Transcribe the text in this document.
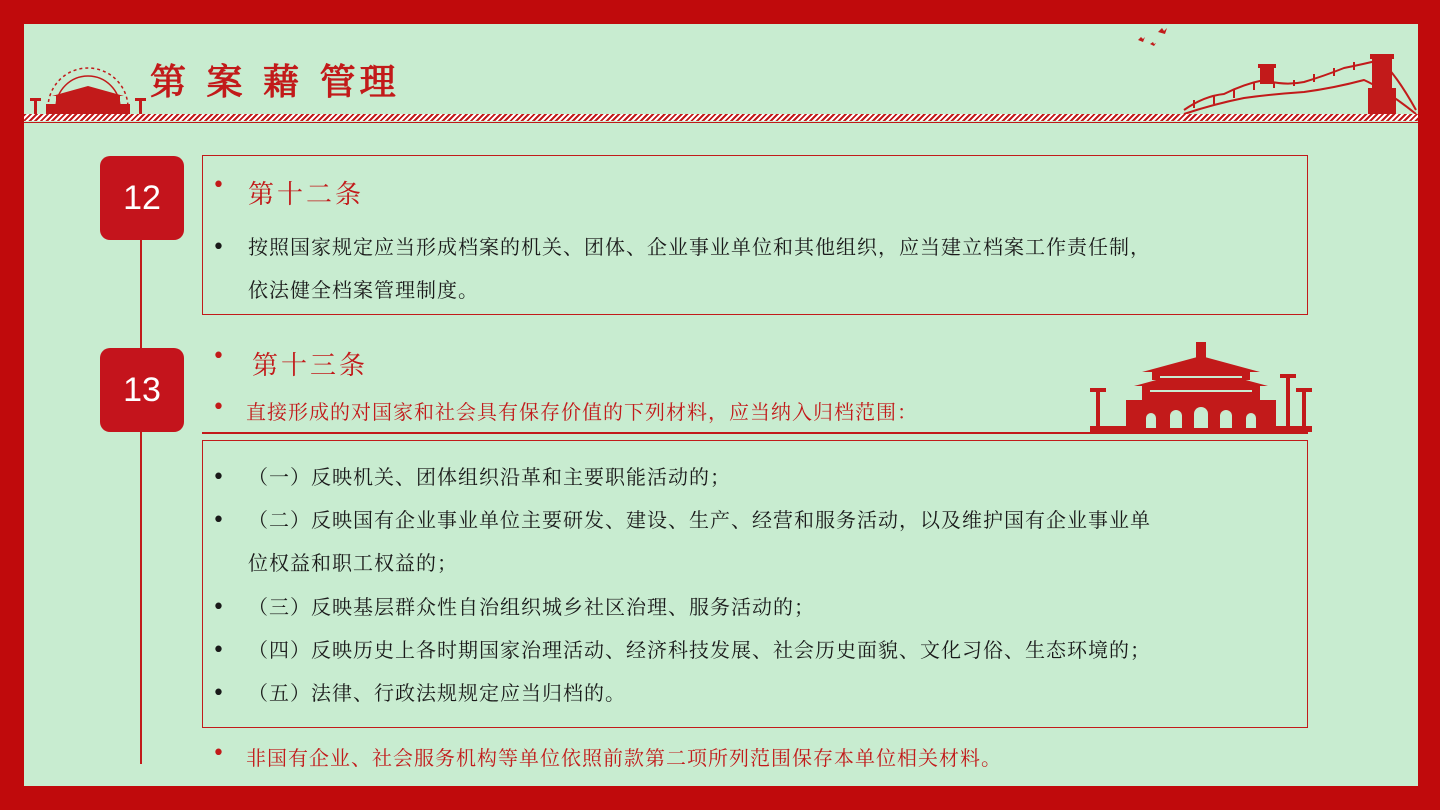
第 案 藉 管理
12
13
• 第十二条
•	按照国家规定应当形成档案的机关、团体、企业事业单位和其他组织，应当建立档案工作责任制，
依法健全档案管理制度。
•	第十三条
•	直接形成的对国家和社会具有保存价值的下列材料，应当纳入归档范围：
•	（一）反映机关、团体组织沿革和主要职能活动的；
•	（二）反映国有企业事业单位主要研发、建设、生产、经营和服务活动，以及维护国有企业事业单
位权益和职工权益的；
•	（三）反映基层群众性自治组织城乡社区治理、服务活动的；
•	（四）反映历史上各时期国家治理活动、经济科技发展、社会历史面貌、文化习俗、生态环境的；
•	（五）法律、行政法规规定应当归档的。
•	非国有企业、社会服务机构等单位依照前款第二项所列范围保存本单位相关材料。
